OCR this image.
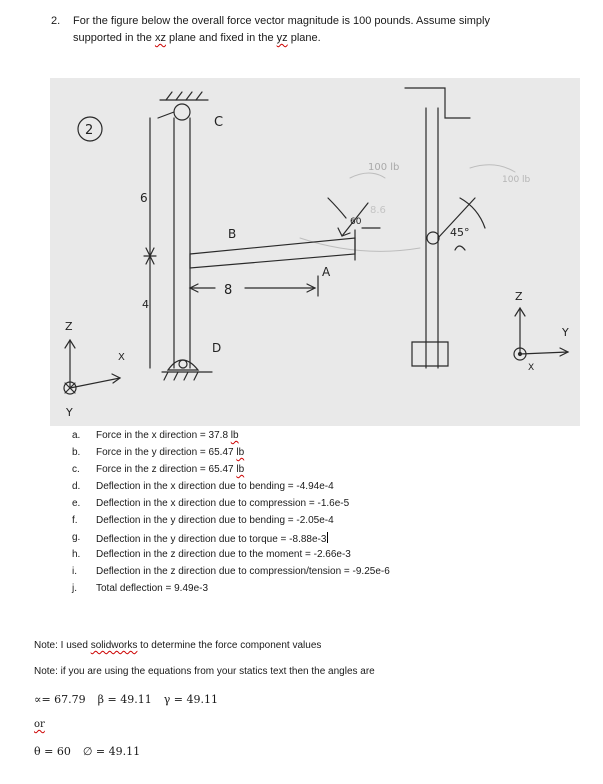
2. For the figure below the overall force vector magnitude is 100 pounds. Assume simply
supported in the xz plane and fixed in the yz plane.
8.6
2
C
6
4
B
A
8
60
100 lb
D
Z
X
Y
45°
100 lb
Z
Y
X
a.	Force in the x direction = 37.8 lb
b.	Force in the y direction = 65.47 lb
c.	Force in the z direction = 65.47 lb
d.	Deflection in the x direction due to bending = -4.94e-4
e.	Deflection in the x direction due to compression = -1.6e-5
f.	Deflection in the y direction due to bending = -2.05e-4
g.	Deflection in the y direction due to torque = -8.88e-3
h.	Deflection in the z direction due to the moment = -2.66e-3
i.	Deflection in the z direction due to compression/tension = -9.25e-6
j.	Total deflection = 9.49e-3
Note: I used solidworks to determine the force component values
Note: if you are using the equations from your statics text then the angles are
∝= 67.79 β = 49.11 γ = 49.11
or
θ = 60 ∅ = 49.11
